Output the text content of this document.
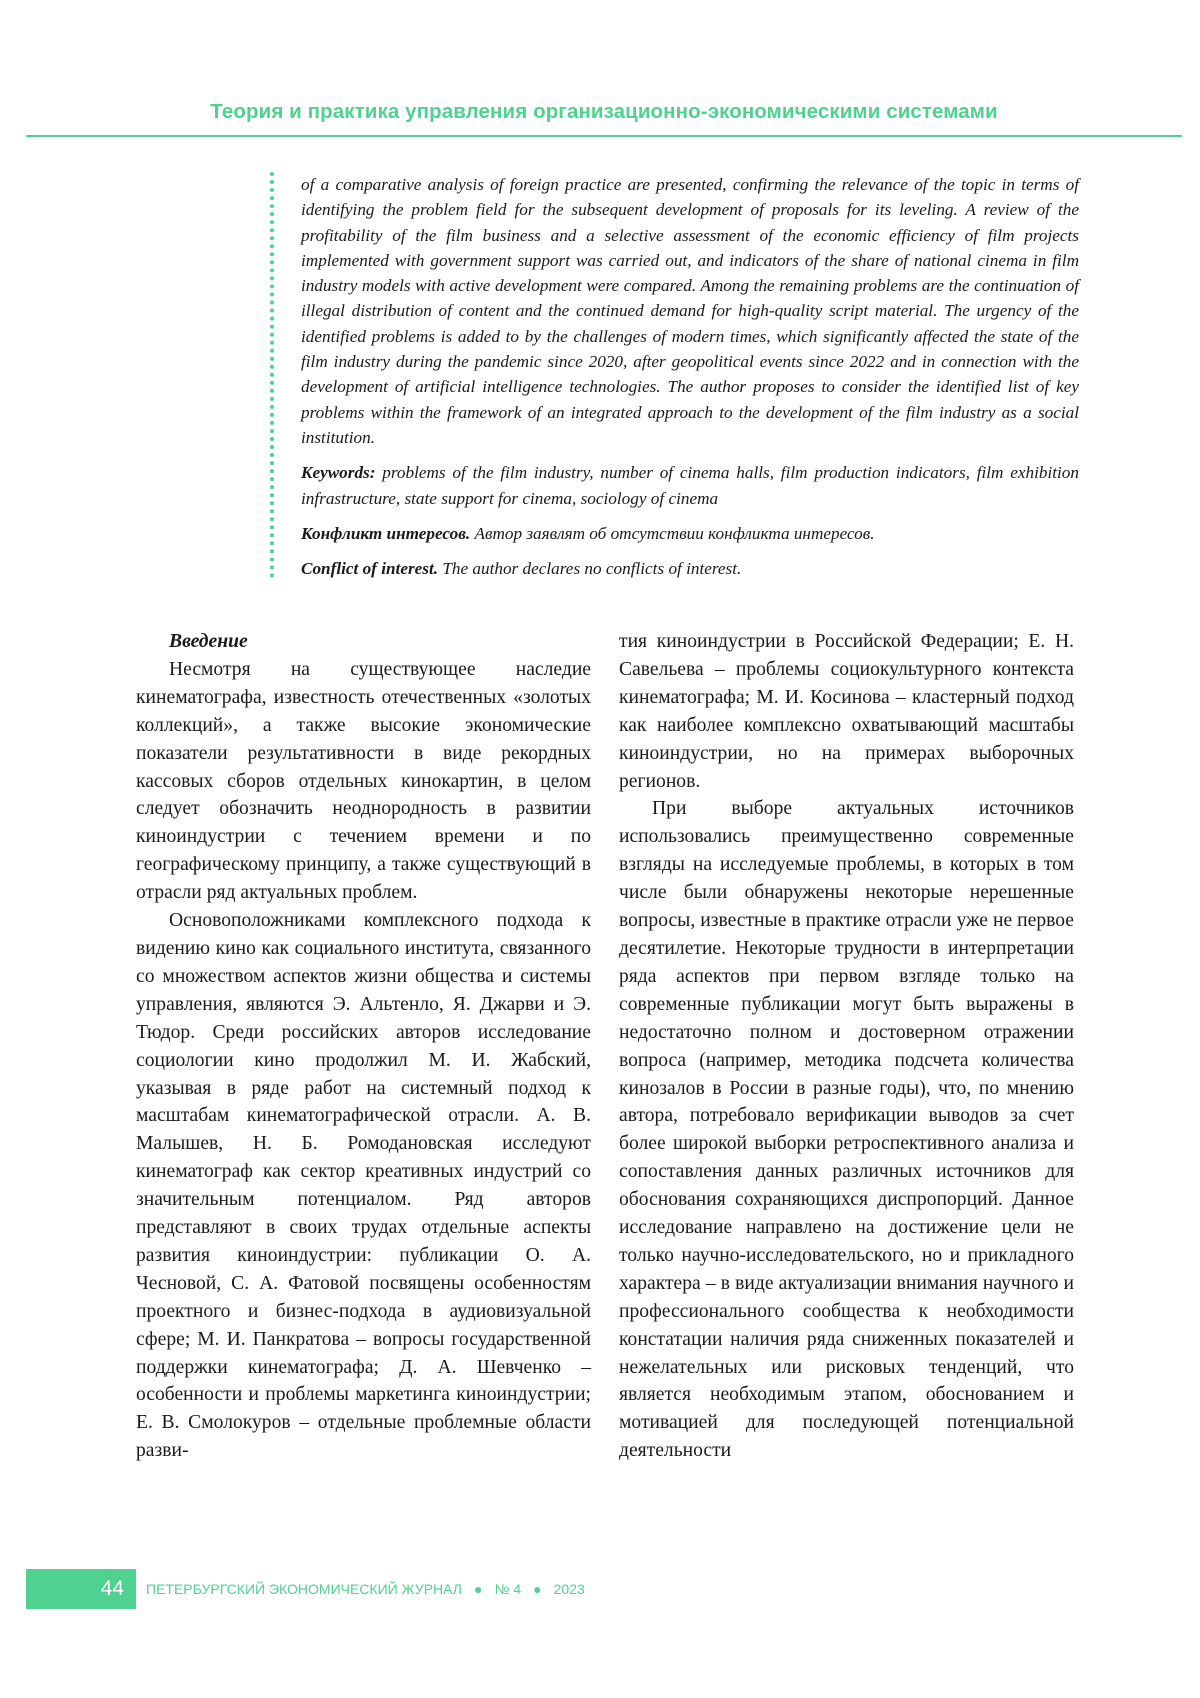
Теория и практика управления организационно-экономическими системами

of a comparative analysis of foreign practice are presented, confirming the relevance of the topic in terms of identifying the problem field for the subsequent development of proposals for its leveling. A review of the profitability of the film business and a selective assessment of the economic efficiency of film projects implemented with government support was carried out, and indicators of the share of national cinema in film industry models with active development were compared. Among the remaining problems are the continuation of illegal distribution of content and the continued demand for high-quality script material. The urgency of the identified problems is added to by the challenges of modern times, which significantly affected the state of the film industry during the pandemic since 2020, after geopolitical events since 2022 and in connection with the development of artificial intelligence technologies. The author proposes to consider the identified list of key problems within the framework of an integrated approach to the development of the film industry as a social institution.

Keywords: problems of the film industry, number of cinema halls, film production indicators, film exhibition infrastructure, state support for cinema, sociology of cinema

Конфликт интересов. Автор заявлят об отсутствии конфликта интересов.

Conflict of interest. The author declares no conflicts of interest.

Введение

Несмотря на существующее наследие кинематографа, известность отечественных «золотых коллекций», а также высокие экономические показатели результативности в виде рекордных кассовых сборов отдельных кинокартин, в целом следует обозначить неоднородность в развитии киноиндустрии с течением времени и по географическому принципу, а также существующий в отрасли ряд актуальных проблем.

Основоположниками комплексного подхода к видению кино как социального института, связанного со множеством аспектов жизни общества и системы управления, являются Э. Альтенло, Я. Джарви и Э. Тюдор. Среди российских авторов исследование социологии кино продолжил М. И. Жабский, указывая в ряде работ на системный подход к масштабам кинематографической отрасли. А. В. Малышев, Н. Б. Ромодановская исследуют кинематограф как сектор креативных индустрий со значительным потенциалом. Ряд авторов представляют в своих трудах отдельные аспекты развития киноиндустрии: публикации О. А. Чесновой, С. А. Фатовой посвящены особенностям проектного и бизнес-подхода в аудиовизуальной сфере; М. И. Панкратова – вопросы государственной поддержки кинематографа; Д. А. Шевченко – особенности и проблемы маркетинга киноиндустрии; Е. В. Смолокуров – отдельные проблемные области разви-

тия киноиндустрии в Российской Федерации; Е. Н. Савельева – проблемы социокультурного контекста кинематографа; М. И. Косинова – кластерный подход как наиболее комплексно охватывающий масштабы киноиндустрии, но на примерах выборочных регионов.

При выборе актуальных источников использовались преимущественно современные взгляды на исследуемые проблемы, в которых в том числе были обнаружены некоторые нерешенные вопросы, известные в практике отрасли уже не первое десятилетие. Некоторые трудности в интерпретации ряда аспектов при первом взгляде только на современные публикации могут быть выражены в недостаточно полном и достоверном отражении вопроса (например, методика подсчета количества кинозалов в России в разные годы), что, по мнению автора, потребовало верификации выводов за счет более широкой выборки ретроспективного анализа и сопоставления данных различных источников для обоснования сохраняющихся диспропорций. Данное исследование направлено на достижение цели не только научно-исследовательского, но и прикладного характера – в виде актуализации внимания научного и профессионального сообщества к необходимости констатации наличия ряда сниженных показателей и нежелательных или рисковых тенденций, что является необходимым этапом, обоснованием и мотивацией для последующей потенциальной деятельности

44 ПЕТЕРБУРГСКИЙ ЭКОНОМИЧЕСКИЙ ЖУРНАЛ ● № 4 ● 2023
